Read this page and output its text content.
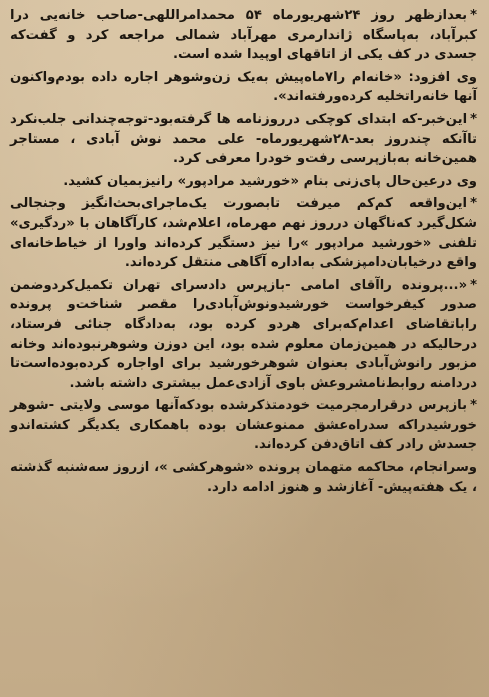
*بعدازظهر روز ۲۴شهریورماه ۵۴ محمدامراللهی-صاحب خانه‌یی درا کبرآباد، به‌پاسگاه ژاندارمری مهرآباد شمالی مراجعه کرد و گفت‌که جسدی در کف یکی از اتاقهای اوپیدا شده است.

وی افزود: «خانه‌ام را۷ماه‌پیش به‌یک زن‌وشوهر اجاره داده بودم‌واکنون آنها خانه‌راتخلیه کرده‌ورفته‌اند».

*این‌خبر-که ابتدای کوچکی درروزنامه ها گرفته‌بود-توجه‌چندانی جلب‌نکرد تاآنکه چندروز بعد-۲۸شهریورماه- علی محمد نوش آبادی ، مستاجر همین‌خانه به‌بازپرسی رفت‌و خودرا معرفی کرد.

وی درعین‌حال پای‌زنی بنام «خورشید مرادپور» رانیزبمیان کشید.

*این‌واقعه کم‌کم میرفت تابصورت یک‌ماجرای‌بحث‌انگیز وجنجالی شکل‌گیرد که‌ناگهان درروز نهم مهرماه، اعلام‌شد، کارآگاهان با «ردگیری» تلفنی «خورشید مرادپور »را نیز دستگیر کرده‌اند واورا از خیاط‌خانه‌ای واقع درخیابان‌دامپزشکی به‌اداره آگاهی منتقل کرده‌اند.

*«...پرونده را‌آقای امامی -بازپرس دادسرای تهران تکمیل‌کردوضمن صدور کیفرخواست خورشیدونوش‌آبادی‌را مقصر شناخت‌و پرونده رابا‌تقاضای اعدام‌که‌برای هردو کرده بود، به‌دادگاه جنائی فرستاد، درحالیکه در همین‌زمان معلوم شده بود، این دوزن وشوهر‌نبوده‌اند وخانه مزبور رانوش‌آبادی بعنوان شوهرخورشید برای اواجاره کرده‌بوده‌است‌تا دردامنه روابط‌نامشروعش باوی آزادی‌عمل بیشتری داشته باشد.

*بازپرس درقرارمجرمیت خودمتذکرشده بود‌که‌آنها موسی ولایتی -شوهر خورشید‌را‌که سدراه‌عشق ممنوعشان بوده باهمکاری یکدیگر کشته‌اندو جسدش رادر کف اتاق‌دفن کرده‌اند.

وسرانجام، محاکمه متهمان پرونده «شوهرکشی »، ازروز سه‌شنبه گذشته ، یک هفته‌پیش- آغازشد و هنوز ادامه دارد.
